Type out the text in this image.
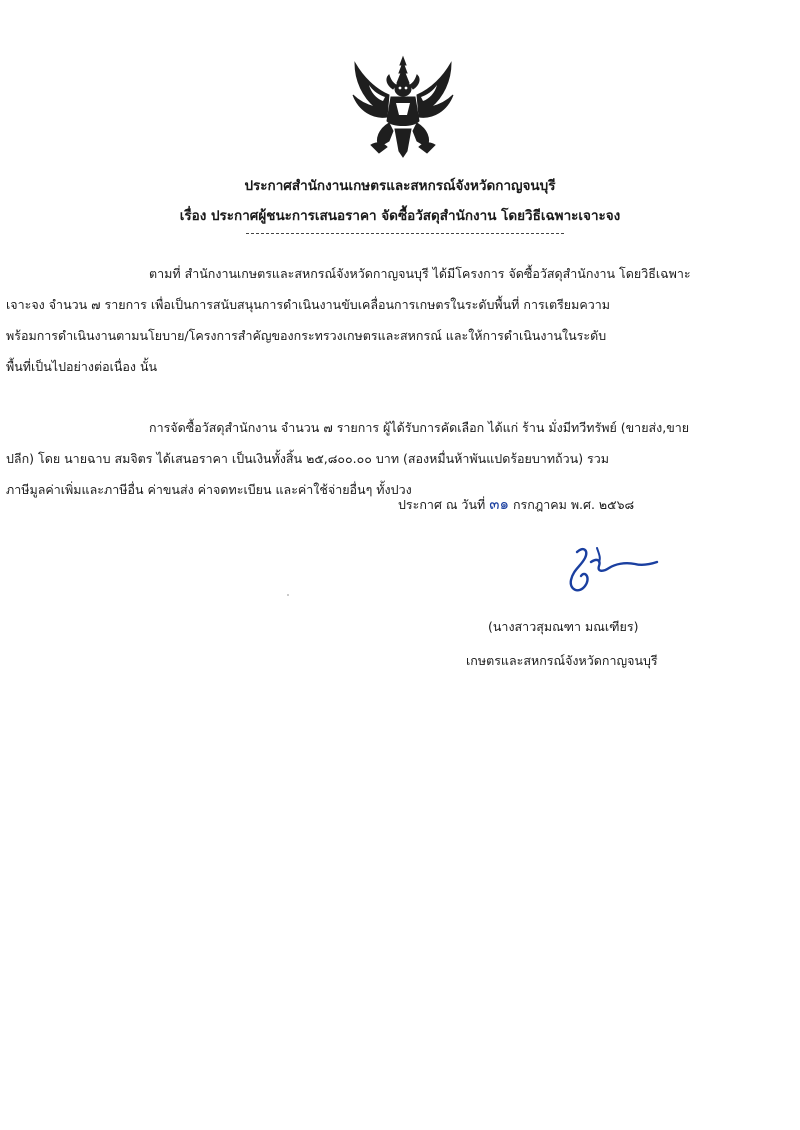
ประกาศสำนักงานเกษตรและสหกรณ์จังหวัดกาญจนบุรี
เรื่อง ประกาศผู้ชนะการเสนอราคา จัดซื้อวัสดุสำนักงาน โดยวิธีเฉพาะเจาะจง
ตามที่ สำนักงานเกษตรและสหกรณ์จังหวัดกาญจนบุรี ได้มีโครงการ จัดซื้อวัสดุสำนักงาน โดยวิธีเฉพาะ
เจาะจง จำนวน ๗ รายการ เพื่อเป็นการสนับสนุนการดำเนินงานขับเคลื่อนการเกษตรในระดับพื้นที่ การเตรียมความ
พร้อมการดำเนินงานตามนโยบาย/โครงการสำคัญของกระทรวงเกษตรและสหกรณ์ และให้การดำเนินงานในระดับ
พื้นที่เป็นไปอย่างต่อเนื่อง นั้น
การจัดซื้อวัสดุสำนักงาน จำนวน ๗ รายการ ผู้ได้รับการคัดเลือก ได้แก่ ร้าน มั่งมีทวีทรัพย์ (ขายส่ง,ขาย
ปลีก) โดย นายฉาบ สมจิตร ได้เสนอราคา เป็นเงินทั้งสิ้น ๒๕,๘๐๐.๐๐ บาท (สองหมื่นห้าพันแปดร้อยบาทถ้วน) รวม
ภาษีมูลค่าเพิ่มและภาษีอื่น ค่าขนส่ง ค่าจดทะเบียน และค่าใช้จ่ายอื่นๆ ทั้งปวง
ประกาศ ณ วันที่ ๓๑ กรกฎาคม พ.ศ. ๒๕๖๘
(นางสาวสุมณฑา มณเฑียร)
เกษตรและสหกรณ์จังหวัดกาญจนบุรี
